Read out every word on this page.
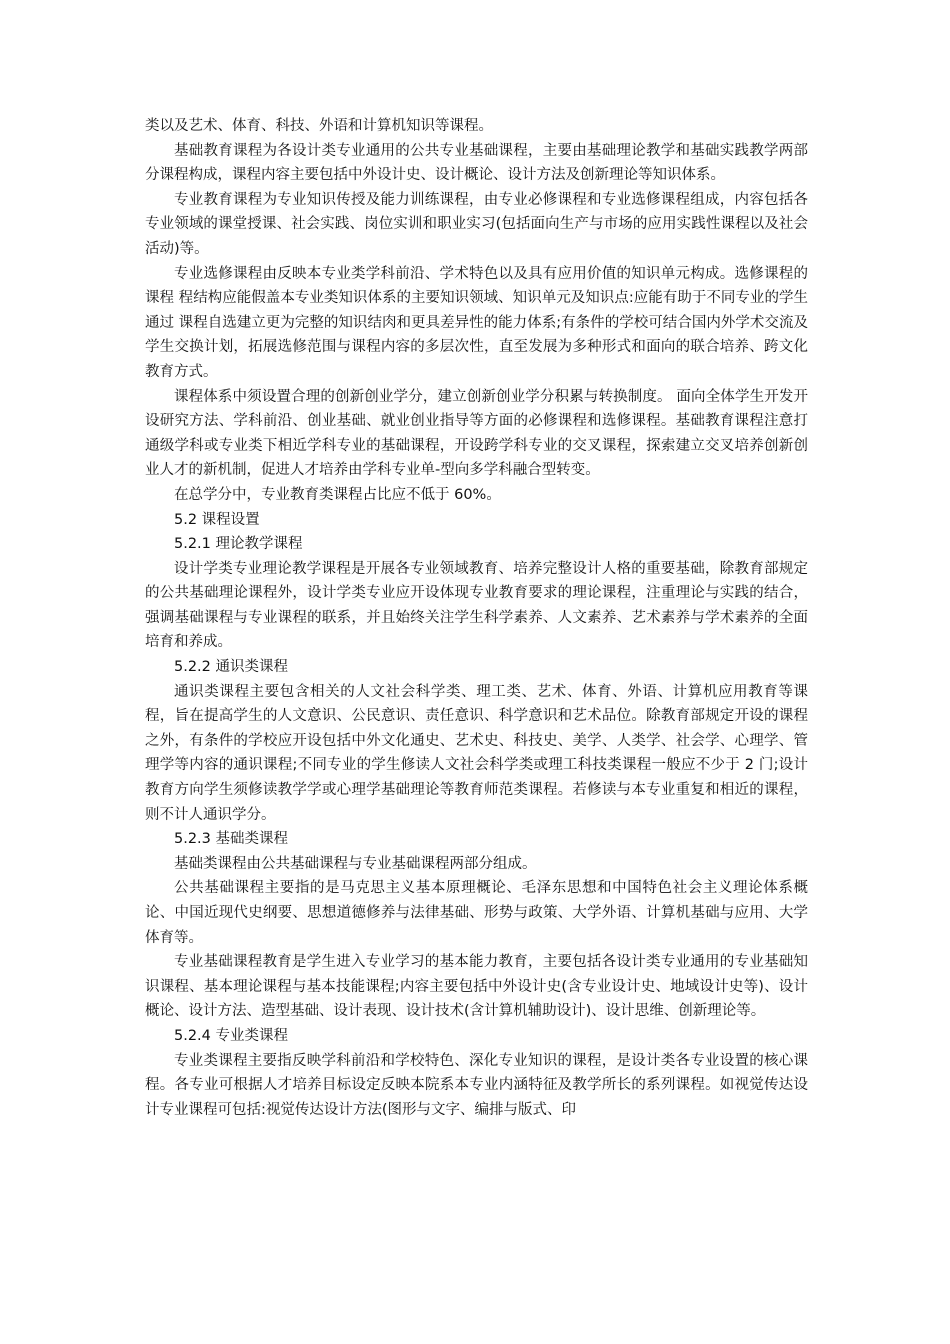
类以及艺术、体育、科技、外语和计算机知识等课程。

基础教育课程为各设计类专业通用的公共专业基础课程，主要由基础理论教学和基础实践教学两部分课程构成，课程内容主要包括中外设计史、设计概论、设计方法及创新理论等知识体系。

专业教育课程为专业知识传授及能力训练课程，由专业必修课程和专业选修课程组成，内容包括各专业领域的课堂授课、社会实践、岗位实训和职业实习(包括面向生产与市场的应用实践性课程以及社会活动)等。

专业选修课程由反映本专业类学科前沿、学术特色以及具有应用价值的知识单元构成。选修课程的课程 程结构应能假盖本专业类知识体系的主要知识领域、知识单元及知识点:应能有助于不同专业的学生通过 课程自选建立更为完整的知识结肉和更具差异性的能力体系;有条件的学校可结合国内外学术交流及学生交换计划，拓展选修范围与课程内容的多层次性，直至发展为多种形式和面向的联合培养、跨文化教育方式。

课程体系中须设置合理的创新创业学分，建立创新创业学分积累与转换制度。 面向全体学生开发开设研究方法、学科前沿、创业基础、就业创业指导等方面的必修课程和选修课程。基础教育课程注意打通级学科或专业类下相近学科专业的基础课程，开设跨学科专业的交叉课程，探索建立交叉培养创新创业人才的新机制，促进人才培养由学科专业单-型向多学科融合型转变。

在总学分中，专业教育类课程占比应不低于 60%。

5.2 课程设置

5.2.1 理论教学课程

设计学类专业理论教学课程是开展各专业领域教育、培养完整设计人格的重要基础，除教育部规定的公共基础理论课程外，设计学类专业应开设体现专业教育要求的理论课程，注重理论与实践的结合， 强调基础课程与专业课程的联系，并且始终关注学生科学素养、人文素养、艺术素养与学术素养的全面培育和养成。

5.2.2 通识类课程

通识类课程主要包含相关的人文社会科学类、理工类、艺术、体育、外语、计算机应用教育等课程，旨在提高学生的人文意识、公民意识、责任意识、科学意识和艺术品位。除教育部规定开设的课程之外，有条件的学校应开设包括中外文化通史、艺术史、科技史、美学、人类学、社会学、心理学、管理学等内容的通识课程;不同专业的学生修读人文社会科学类或理工科技类课程一般应不少于 2 门;设计教育方向学生须修读教学学或心理学基础理论等教育师范类课程。若修读与本专业重复和相近的课程，则不计人通识学分。

5.2.3 基础类课程

基础类课程由公共基础课程与专业基础课程两部分组成。

公共基础课程主要指的是马克思主义基本原理概论、毛泽东思想和中国特色社会主义理论体系概论、中国近现代史纲要、思想道德修养与法律基础、形势与政策、大学外语、计算机基础与应用、大学体育等。

专业基础课程教育是学生进入专业学习的基本能力教育，主要包括各设计类专业通用的专业基础知识课程、基本理论课程与基本技能课程;内容主要包括中外设计史(含专业设计史、地域设计史等)、设计概论、设计方法、造型基础、设计表现、设计技术(含计算机辅助设计)、设计思维、创新理论等。

5.2.4 专业类课程

专业类课程主要指反映学科前沿和学校特色、深化专业知识的课程，是设计类各专业设置的核心课程。各专业可根据人才培养目标设定反映本院系本专业内涵特征及教学所长的系列课程。如视觉传达设计专业课程可包括:视觉传达设计方法(图形与文字、编排与版式、印
